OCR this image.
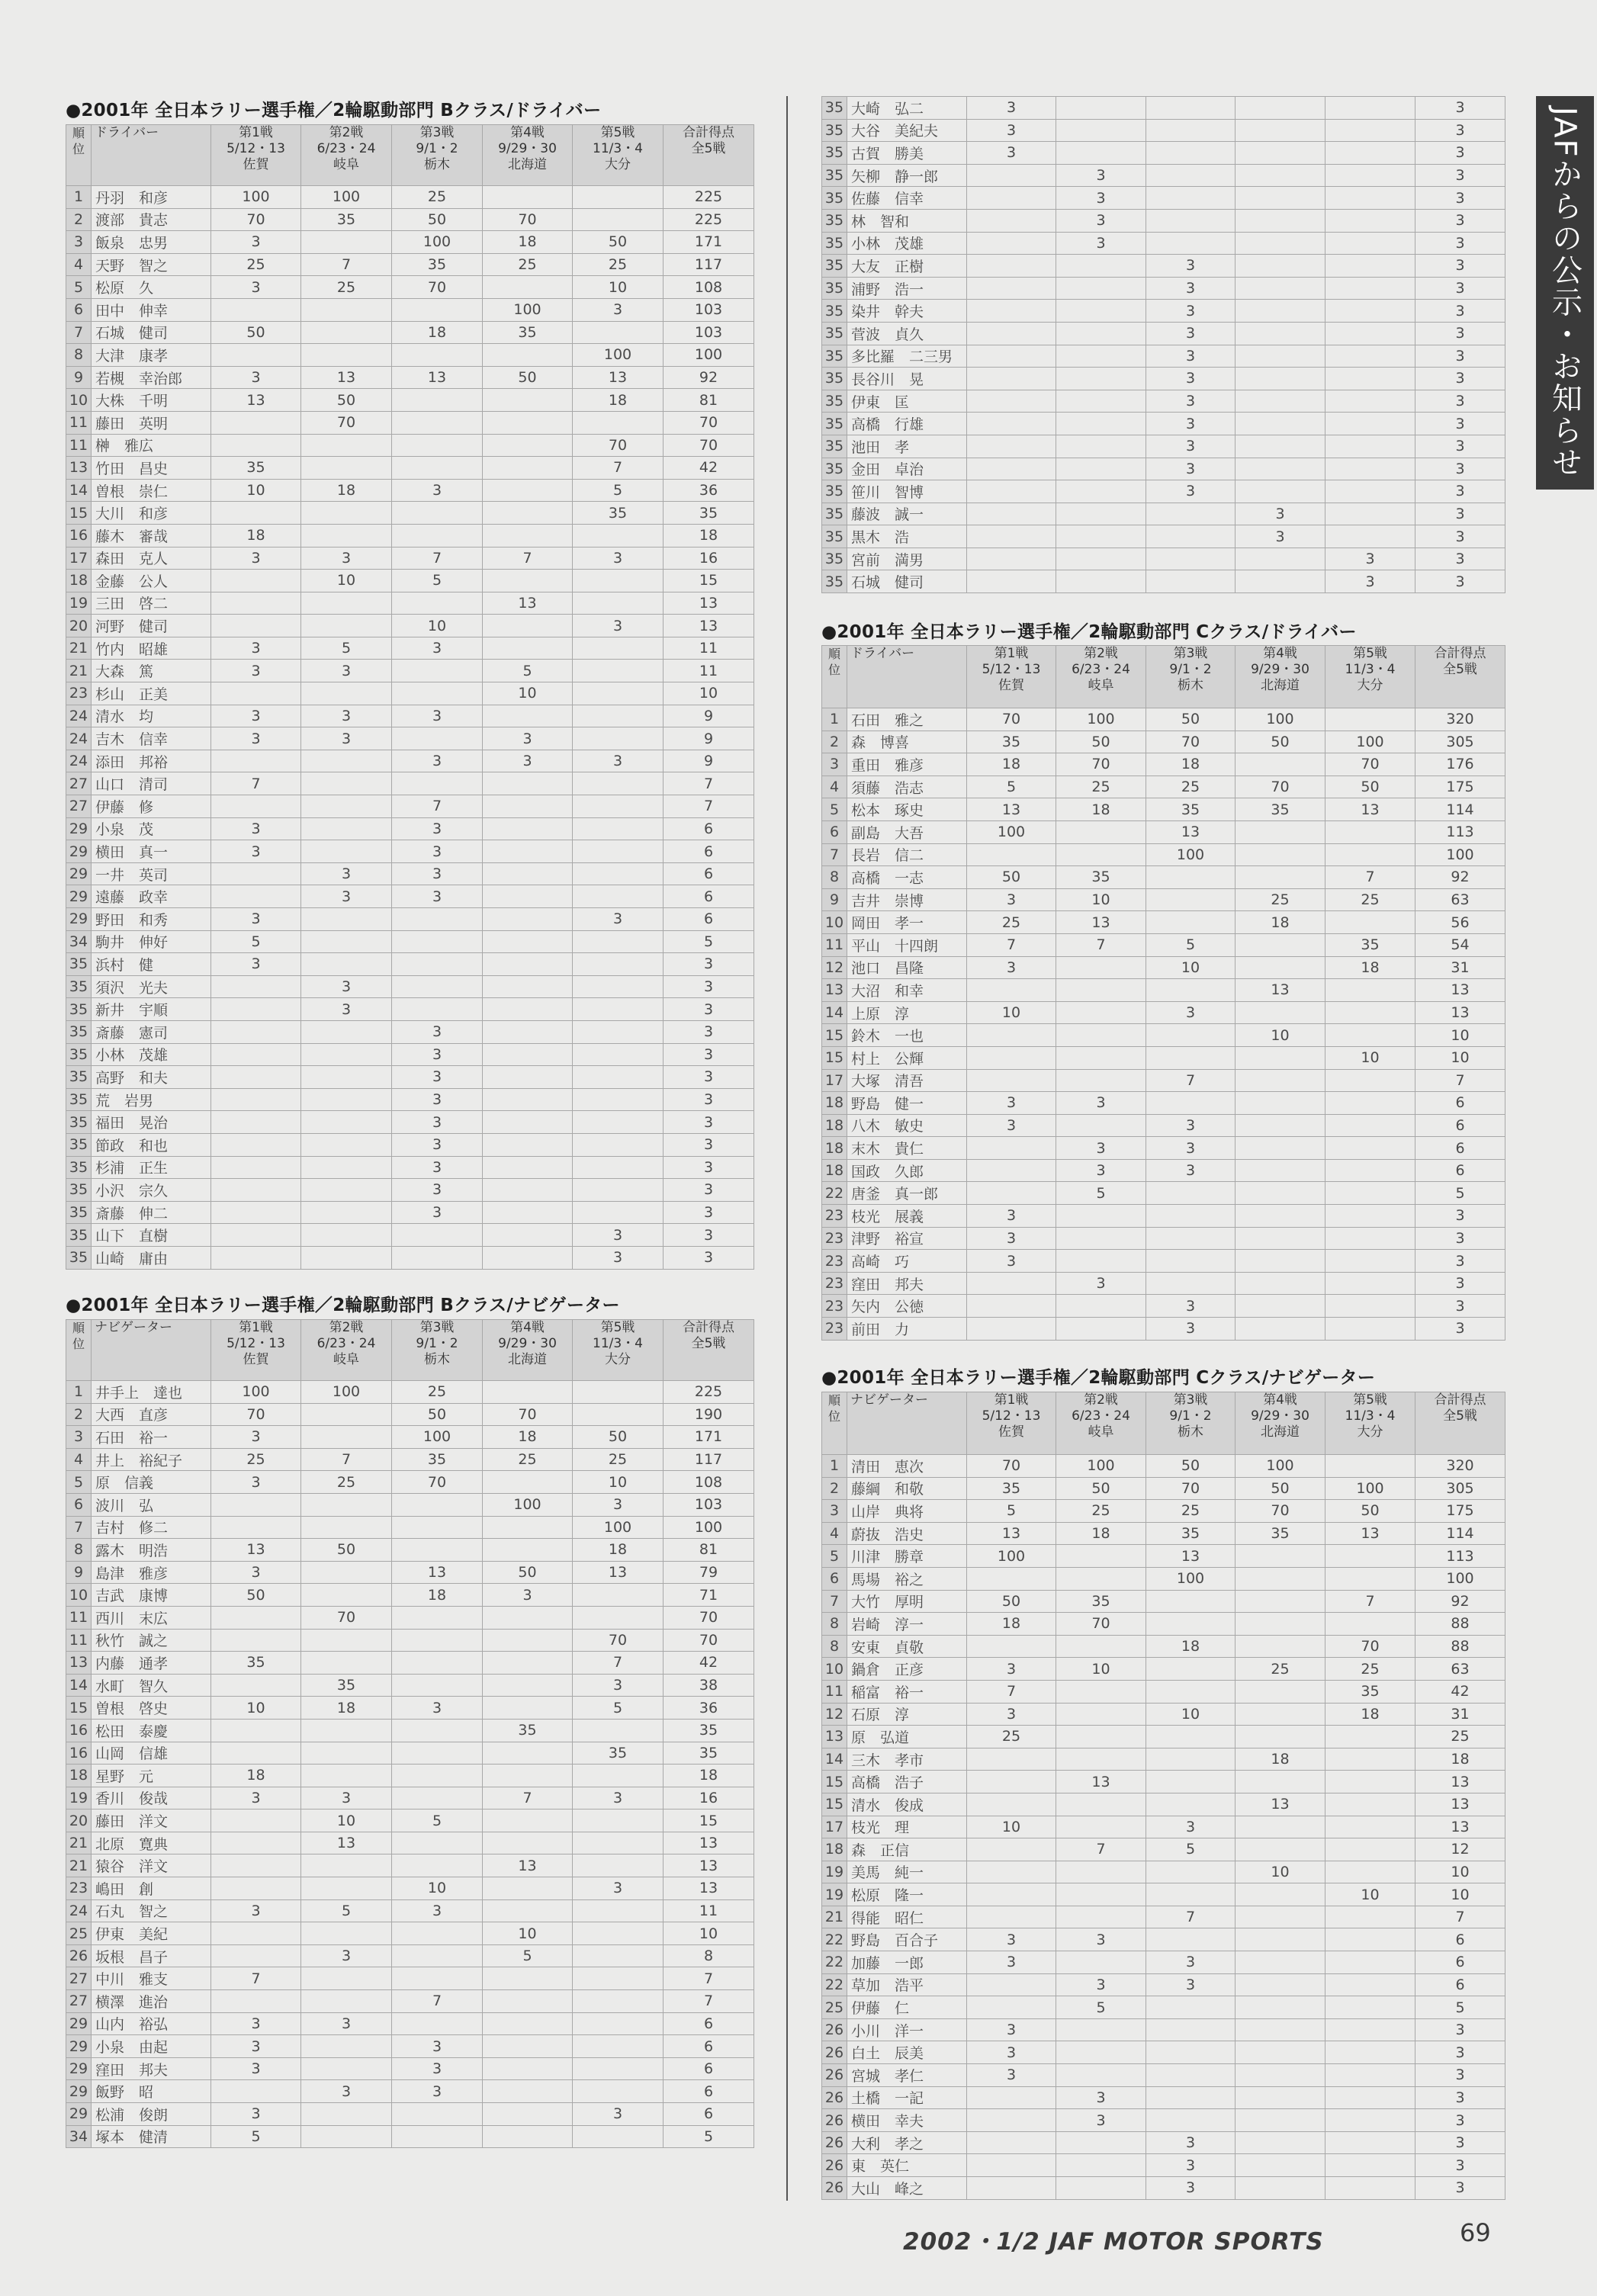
JAFからの公示・お知らせ
●2001年 全日本ラリー選手権／2輪駆動部門 Bクラス/ドライバー
順
位	ドライバー	第1戦
5/12・13
佐賀	第2戦
6/23・24
岐阜	第3戦
9/1・2
栃木	第4戦
9/29・30
北海道	第5戦
11/3・4
大分	合計得点
全5戦
1	丹羽　和彦	100	100	25			225
2	渡部　貴志	70	35	50	70		225
3	飯泉　忠男	3		100	18	50	171
4	天野　智之	25	7	35	25	25	117
5	松原　久	3	25	70		10	108
6	田中　伸幸				100	3	103
7	石城　健司	50		18	35		103
8	大津　康孝					100	100
9	若槻　幸治郎	3	13	13	50	13	92
10	大株　千明	13	50			18	81
11	藤田　英明		70				70
11	榊　雅広					70	70
13	竹田　昌史	35				7	42
14	曽根　崇仁	10	18	3		5	36
15	大川　和彦					35	35
16	藤木　審哉	18					18
17	森田　克人	3	3	7	7	3	16
18	金藤　公人		10	5			15
19	三田　啓二				13		13
20	河野　健司			10		3	13
21	竹内　昭雄	3	5	3			11
21	大森　篤	3	3		5		11
23	杉山　正美				10		10
24	清水　均	3	3	3			9
24	吉木　信幸	3	3		3		9
24	添田　邦裕			3	3	3	9
27	山口　清司	7					7
27	伊藤　修			7			7
29	小泉　茂	3		3			6
29	横田　真一	3		3			6
29	一井　英司		3	3			6
29	遠藤　政幸		3	3			6
29	野田　和秀	3				3	6
34	駒井　伸好	5					5
35	浜村　健	3					3
35	須沢　光夫		3				3
35	新井　宇順		3				3
35	斎藤　憲司			3			3
35	小林　茂雄			3			3
35	高野　和夫			3			3
35	荒　岩男			3			3
35	福田　晃治			3			3
35	節政　和也			3			3
35	杉浦　正生			3			3
35	小沢　宗久			3			3
35	斎藤　伸二			3			3
35	山下　直樹					3	3
35	山崎　庸由					3	3
●2001年 全日本ラリー選手権／2輪駆動部門 Bクラス/ナビゲーター
順
位	ナビゲーター	第1戦
5/12・13
佐賀	第2戦
6/23・24
岐阜	第3戦
9/1・2
栃木	第4戦
9/29・30
北海道	第5戦
11/3・4
大分	合計得点
全5戦
1	井手上　達也	100	100	25			225
2	大西　直彦	70		50	70		190
3	石田　裕一	3		100	18	50	171
4	井上　裕紀子	25	7	35	25	25	117
5	原　信義	3	25	70		10	108
6	波川　弘				100	3	103
7	吉村　修二					100	100
8	露木　明浩	13	50			18	81
9	島津　雅彦	3		13	50	13	79
10	吉武　康博	50		18	3		71
11	西川　末広		70				70
11	秋竹　誠之					70	70
13	内藤　通孝	35				7	42
14	水町　智久		35			3	38
15	曽根　啓史	10	18	3		5	36
16	松田　泰慶				35		35
16	山岡　信雄					35	35
18	星野　元	18					18
19	香川　俊哉	3	3		7	3	16
20	藤田　洋文		10	5			15
21	北原　寛典		13				13
21	猿谷　洋文				13		13
23	嶋田　創			10		3	13
24	石丸　智之	3	5	3			11
25	伊東　美紀				10		10
26	坂根　昌子		3		5		8
27	中川　雅支	7					7
27	横澤　進治			7			7
29	山内　裕弘	3	3				6
29	小泉　由起	3		3			6
29	窪田　邦夫	3		3			6
29	飯野　昭		3	3			6
29	松浦　俊朗	3				3	6
34	塚本　健清	5					5
35	大崎　弘二	3					3
35	大谷　美紀夫	3					3
35	古賀　勝美	3					3
35	矢柳　静一郎		3				3
35	佐藤　信幸		3				3
35	林　智和		3				3
35	小林　茂雄		3				3
35	大友　正樹			3			3
35	浦野　浩一			3			3
35	染井　幹夫			3			3
35	菅波　貞久			3			3
35	多比羅　二三男			3			3
35	長谷川　晃			3			3
35	伊東　匡			3			3
35	高橋　行雄			3			3
35	池田　孝			3			3
35	金田　卓治			3			3
35	笹川　智博			3			3
35	藤波　誠一				3		3
35	黒木　浩				3		3
35	宮前　満男					3	3
35	石城　健司					3	3
●2001年 全日本ラリー選手権／2輪駆動部門 Cクラス/ドライバー
順
位	ドライバー	第1戦
5/12・13
佐賀	第2戦
6/23・24
岐阜	第3戦
9/1・2
栃木	第4戦
9/29・30
北海道	第5戦
11/3・4
大分	合計得点
全5戦
1	石田　雅之	70	100	50	100		320
2	森　博喜	35	50	70	50	100	305
3	重田　雅彦	18	70	18		70	176
4	須藤　浩志	5	25	25	70	50	175
5	松本　琢史	13	18	35	35	13	114
6	副島　大吾	100		13			113
7	長岩　信二			100			100
8	高橋　一志	50	35			7	92
9	吉井　崇博	3	10		25	25	63
10	岡田　孝一	25	13		18		56
11	平山　十四朗	7	7	5		35	54
12	池口　昌隆	3		10		18	31
13	大沼　和幸				13		13
14	上原　淳	10		3			13
15	鈴木　一也				10		10
15	村上　公輝					10	10
17	大塚　清吾			7			7
18	野島　健一	3	3				6
18	八木　敏史	3		3			6
18	末木　貴仁		3	3			6
18	国政　久郎		3	3			6
22	唐釜　真一郎		5				5
23	枝光　展義	3					3
23	津野　裕宣	3					3
23	高崎　巧	3					3
23	窪田　邦夫		3				3
23	矢内　公徳			3			3
23	前田　力			3			3
●2001年 全日本ラリー選手権／2輪駆動部門 Cクラス/ナビゲーター
順
位	ナビゲーター	第1戦
5/12・13
佐賀	第2戦
6/23・24
岐阜	第3戦
9/1・2
栃木	第4戦
9/29・30
北海道	第5戦
11/3・4
大分	合計得点
全5戦
1	清田　恵次	70	100	50	100		320
2	藤綱　和敬	35	50	70	50	100	305
3	山岸　典将	5	25	25	70	50	175
4	蔚抜　浩史	13	18	35	35	13	114
5	川津　勝章	100		13			113
6	馬場　裕之			100			100
7	大竹　厚明	50	35			7	92
8	岩崎　淳一	18	70				88
8	安東　貞敬			18		70	88
10	鍋倉　正彦	3	10		25	25	63
11	稲富　裕一	7				35	42
12	石原　淳	3		10		18	31
13	原　弘道	25					25
14	三木　孝市				18		18
15	高橋　浩子		13				13
15	清水　俊成				13		13
17	枝光　理	10		3			13
18	森　正信		7	5			12
19	美馬　純一				10		10
19	松原　隆一					10	10
21	得能　昭仁			7			7
22	野島　百合子	3	3				6
22	加藤　一郎	3		3			6
22	草加　浩平		3	3			6
25	伊藤　仁		5				5
26	小川　洋一	3					3
26	白土　辰美	3					3
26	宮城　孝仁	3					3
26	土橋　一記		3				3
26	横田　幸夫		3				3
26	大利　孝之			3			3
26	東　英仁			3			3
26	大山　峰之			3			3
2002・1/2 JAF MOTOR SPORTS	69
